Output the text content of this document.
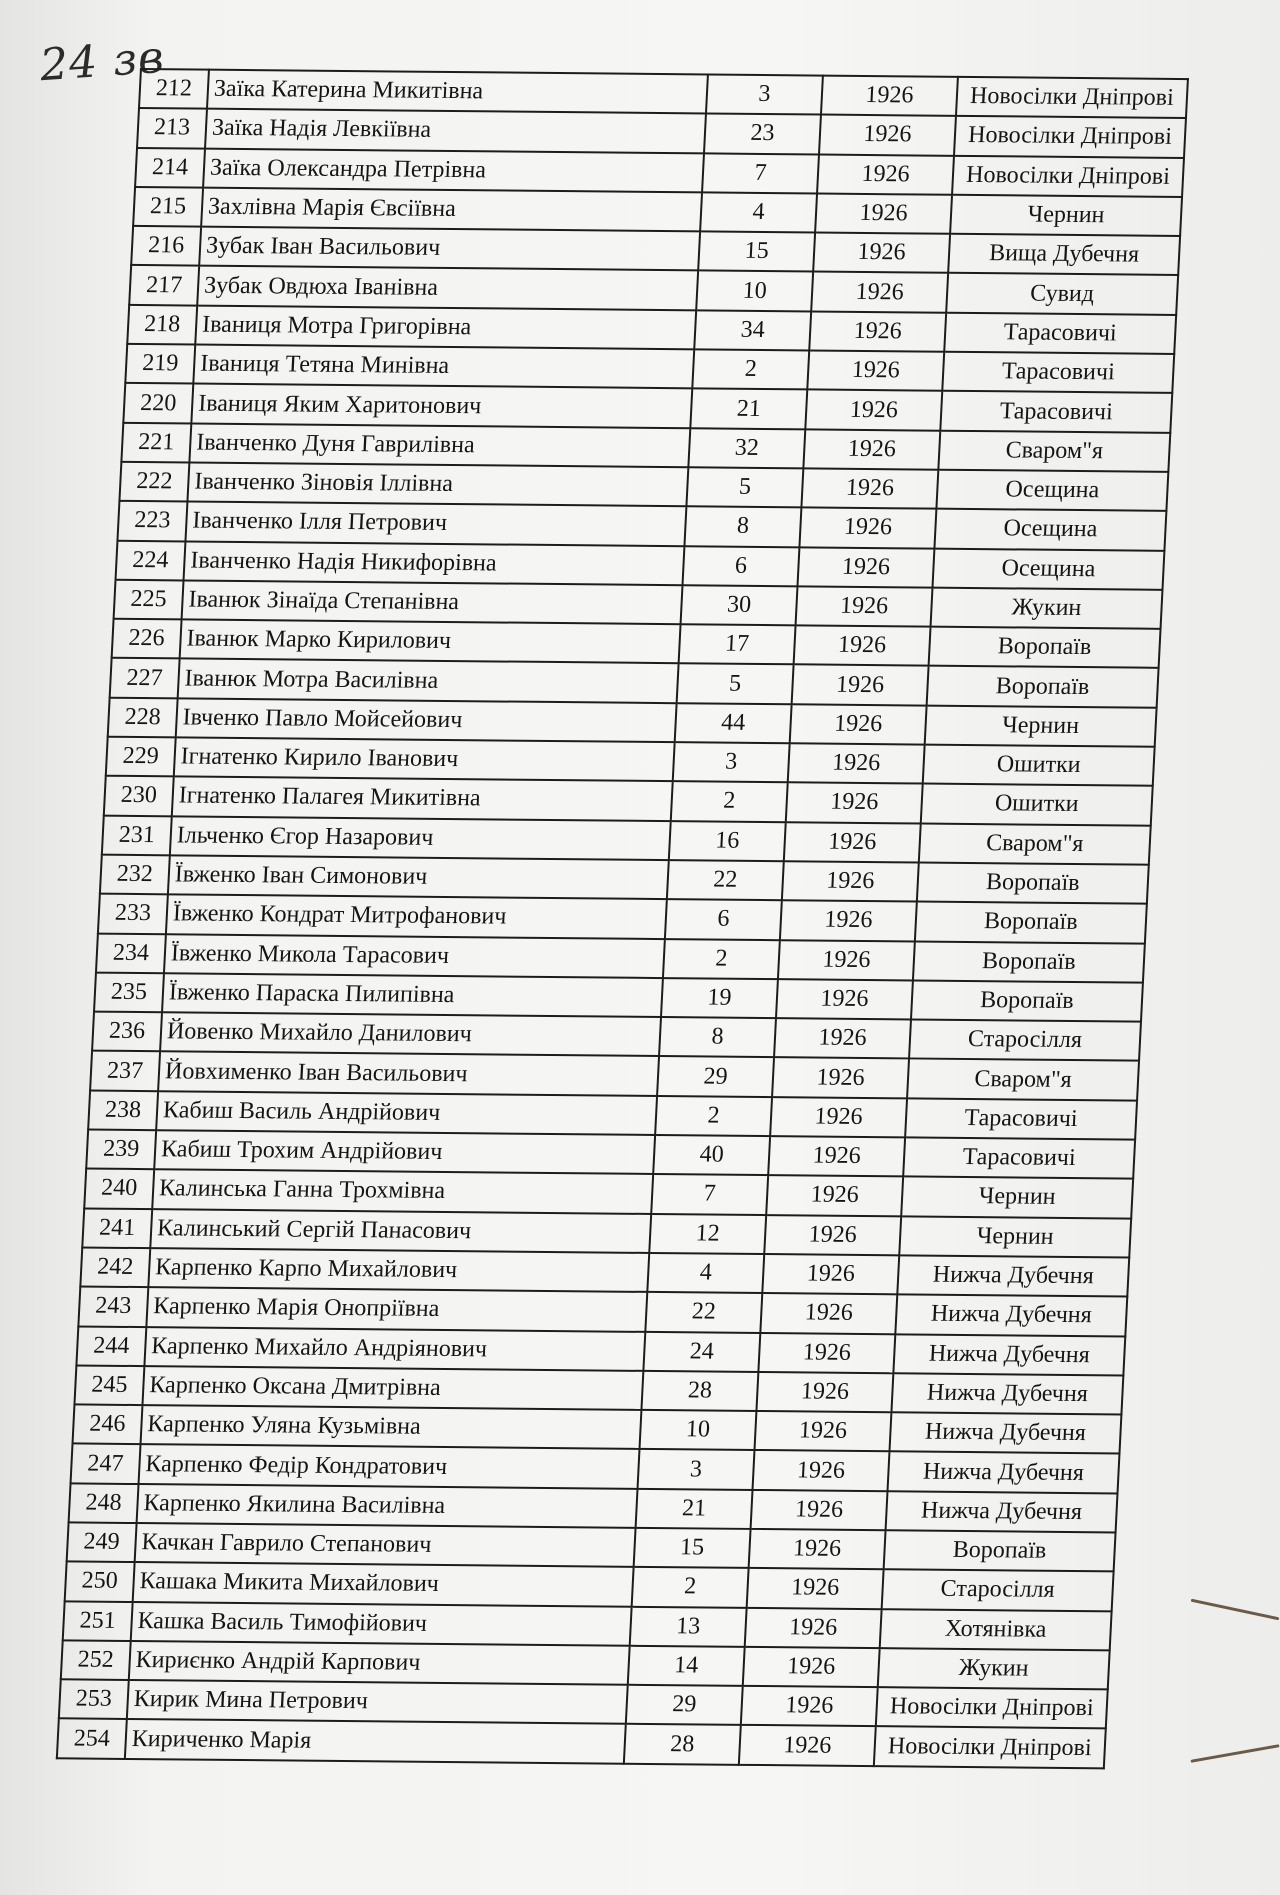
24 зв
212	Заїка Катерина Микитівна	3	1926	Новосілки Дніпрові
213	Заїка Надія Левкіївна	23	1926	Новосілки Дніпрові
214	Заїка Олександра Петрівна	7	1926	Новосілки Дніпрові
215	Захлівна Марія Євсіївна	4	1926	Чернин
216	Зубак Іван Васильович	15	1926	Вища Дубечня
217	Зубак Овдюха Іванівна	10	1926	Сувид
218	Іваниця Мотра Григорівна	34	1926	Тарасовичі
219	Іваниця Тетяна Минівна	2	1926	Тарасовичі
220	Іваниця Яким Харитонович	21	1926	Тарасовичі
221	Іванченко Дуня Гаврилівна	32	1926	Сваром"я
222	Іванченко Зіновія Іллівна	5	1926	Осещина
223	Іванченко Ілля Петрович	8	1926	Осещина
224	Іванченко Надія Никифорівна	6	1926	Осещина
225	Іванюк Зінаїда Степанівна	30	1926	Жукин
226	Іванюк Марко Кирилович	17	1926	Воропаїв
227	Іванюк Мотра Василівна	5	1926	Воропаїв
228	Івченко Павло Мойсейович	44	1926	Чернин
229	Ігнатенко Кирило Іванович	3	1926	Ошитки
230	Ігнатенко Палагея Микитівна	2	1926	Ошитки
231	Ільченко Єгор Назарович	16	1926	Сваром"я
232	Ївженко Іван Симонович	22	1926	Воропаїв
233	Ївженко Кондрат Митрофанович	6	1926	Воропаїв
234	Ївженко Микола Тарасович	2	1926	Воропаїв
235	Ївженко Параска Пилипівна	19	1926	Воропаїв
236	Йовенко Михайло Данилович	8	1926	Старосілля
237	Йовхименко Іван Васильович	29	1926	Сваром"я
238	Кабиш Василь Андрійович	2	1926	Тарасовичі
239	Кабиш Трохим Андрійович	40	1926	Тарасовичі
240	Калинська Ганна Трохмівна	7	1926	Чернин
241	Калинський Сергій Панасович	12	1926	Чернин
242	Карпенко Карпо Михайлович	4	1926	Нижча Дубечня
243	Карпенко Марія Онопріївна	22	1926	Нижча Дубечня
244	Карпенко Михайло Андріянович	24	1926	Нижча Дубечня
245	Карпенко Оксана Дмитрівна	28	1926	Нижча Дубечня
246	Карпенко Уляна Кузьмівна	10	1926	Нижча Дубечня
247	Карпенко Федір Кондратович	3	1926	Нижча Дубечня
248	Карпенко Якилина Василівна	21	1926	Нижча Дубечня
249	Качкан Гаврило Степанович	15	1926	Воропаїв
250	Кашака Микита Михайлович	2	1926	Старосілля
251	Кашка Василь Тимофійович	13	1926	Хотянівка
252	Кириєнко Андрій Карпович	14	1926	Жукин
253	Кирик Мина Петрович	29	1926	Новосілки Дніпрові
254	Кириченко Марія	28	1926	Новосілки Дніпрові
